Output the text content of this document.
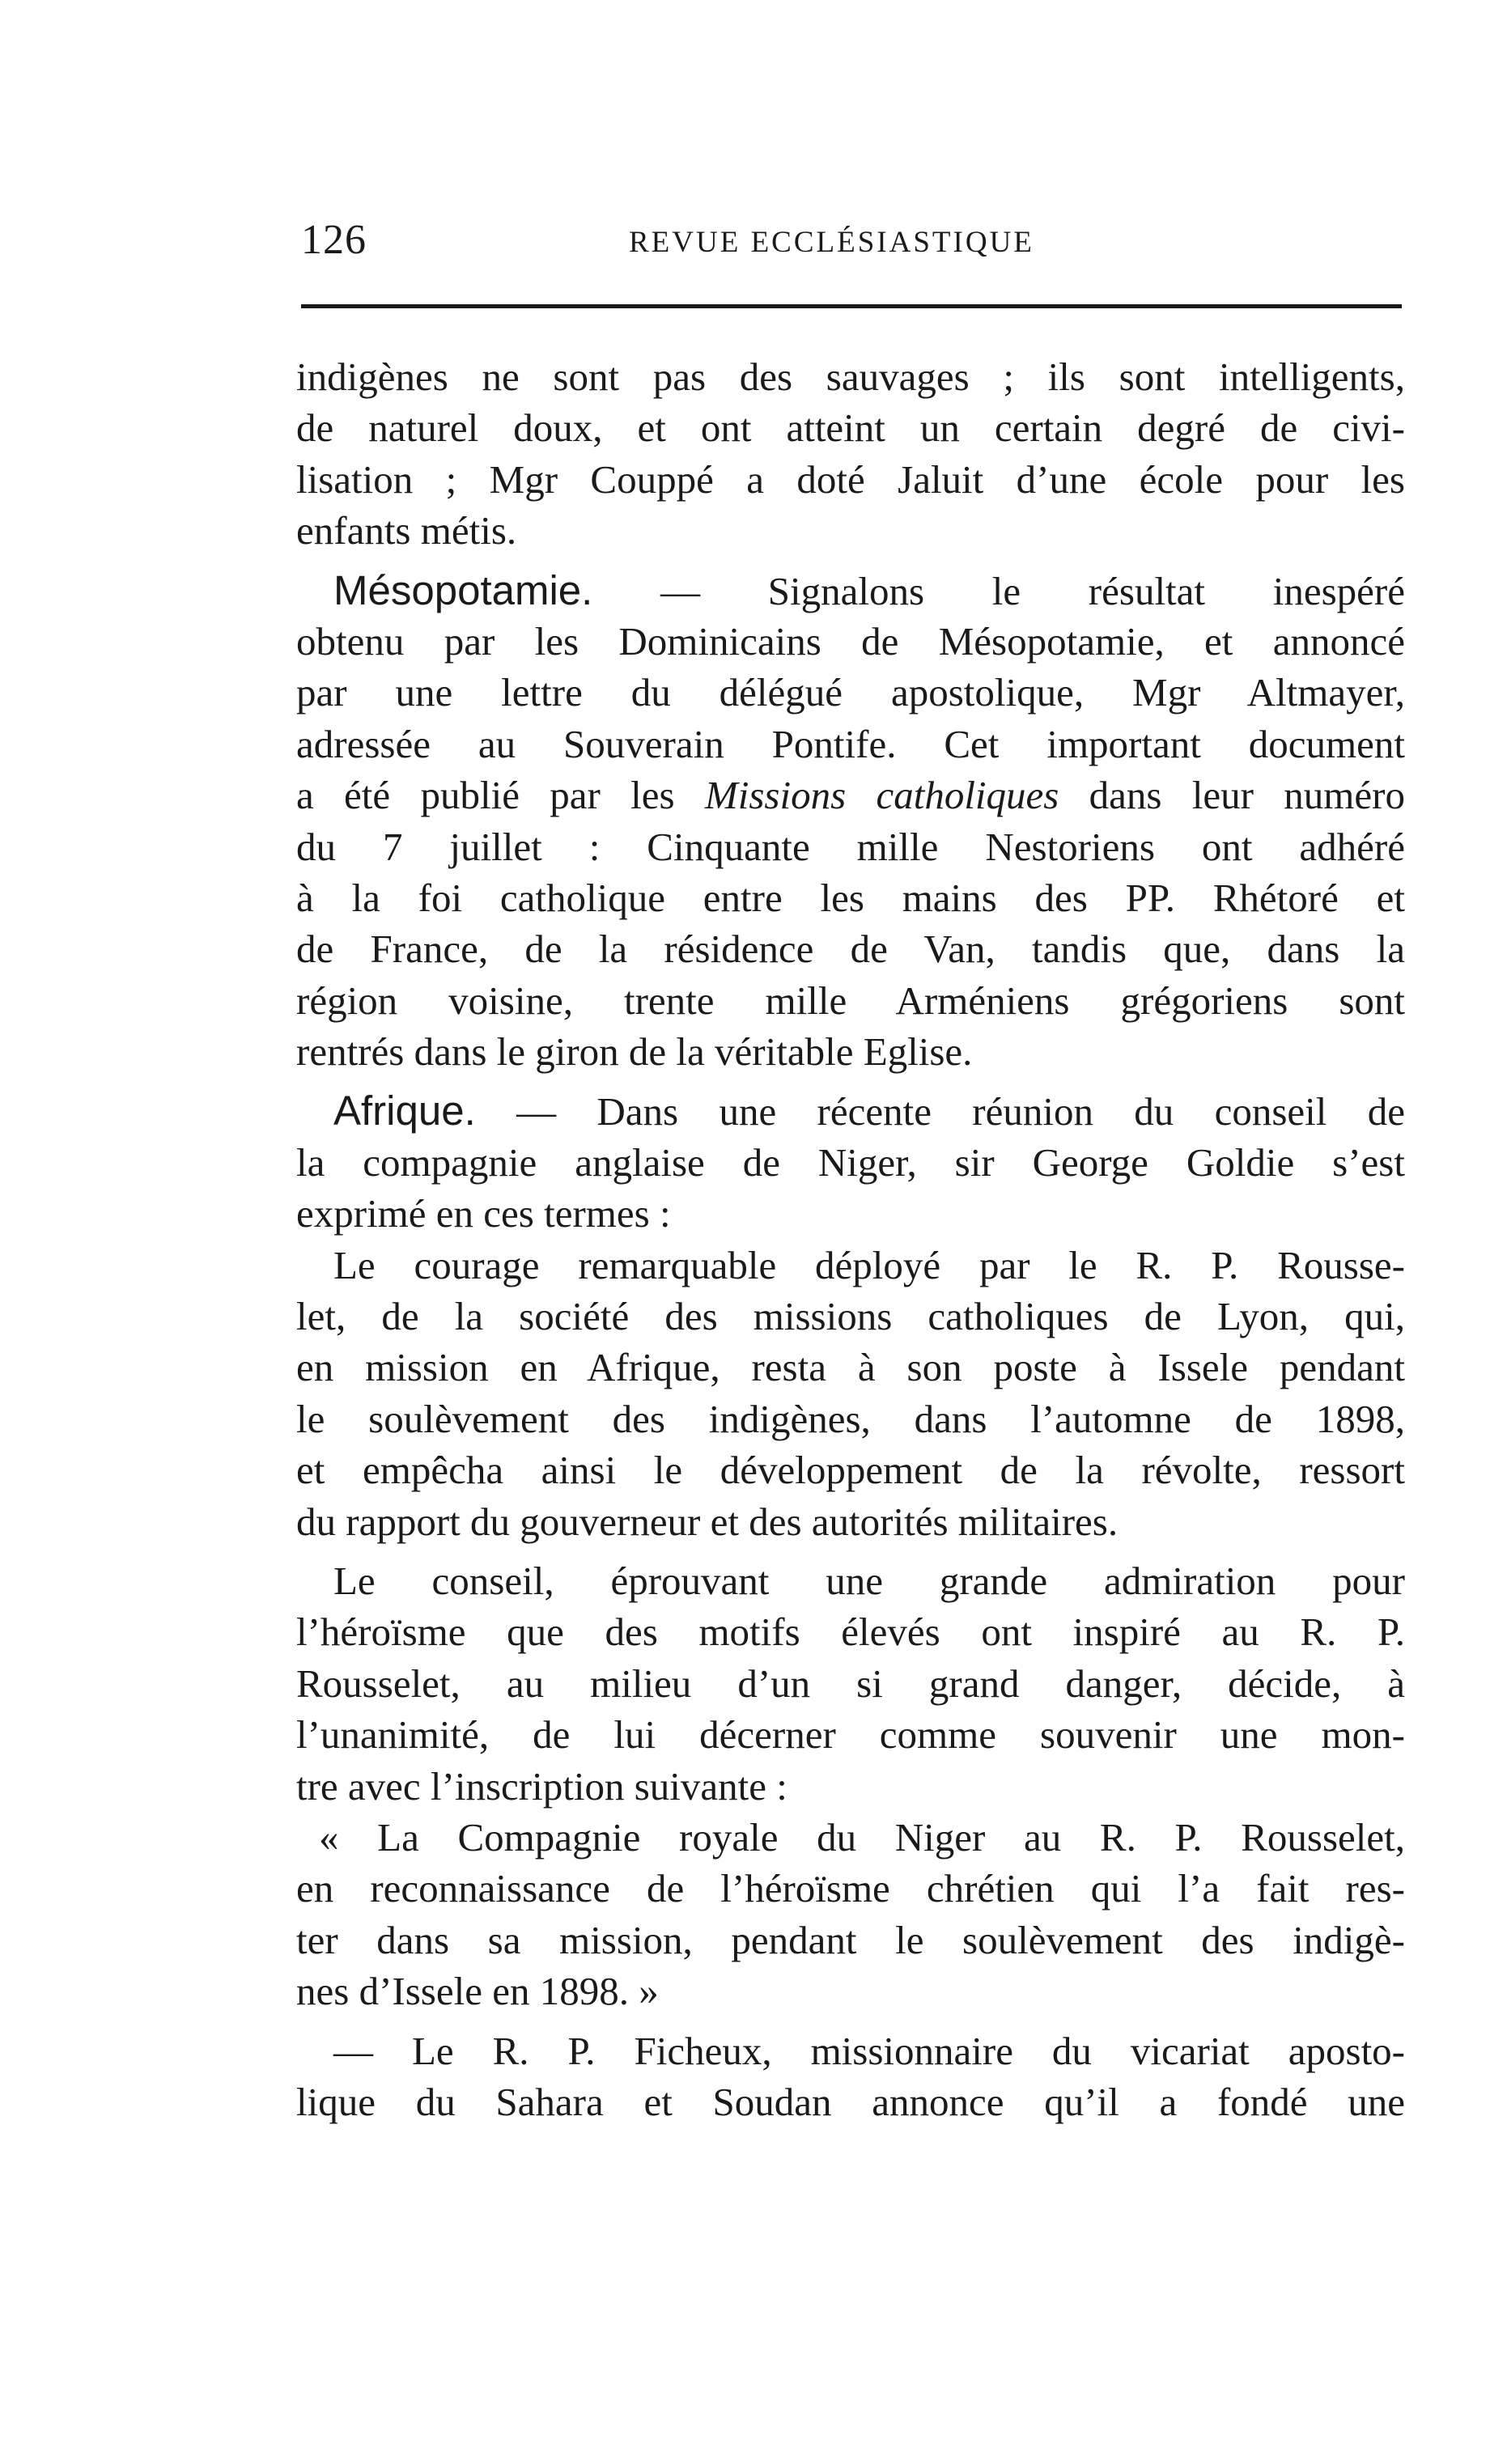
126	REVUE ECCLÉSIASTIQUE
indigènes ne sont pas des sauvages ; ils sont intelligents,
de naturel doux, et ont atteint un certain degré de civi-
lisation ; Mgr Couppé a doté Jaluit d’une école pour les
enfants métis.
Mésopotamie. — Signalons le résultat inespéré
obtenu par les Dominicains de Mésopotamie, et annoncé
par une lettre du délégué apostolique, Mgr Altmayer,
adressée au Souverain Pontife. Cet important document
a été publié par les Missions catholiques dans leur numéro
du 7 juillet : Cinquante mille Nestoriens ont adhéré
à la foi catholique entre les mains des PP. Rhétoré et
de France, de la résidence de Van, tandis que, dans la
région voisine, trente mille Arméniens grégoriens sont
rentrés dans le giron de la véritable Eglise.
Afrique. — Dans une récente réunion du conseil de
la compagnie anglaise de Niger, sir George Goldie s’est
exprimé en ces termes :
Le courage remarquable déployé par le R. P. Rousse-
let, de la société des missions catholiques de Lyon, qui,
en mission en Afrique, resta à son poste à Issele pendant
le soulèvement des indigènes, dans l’automne de 1898,
et empêcha ainsi le développement de la révolte, ressort
du rapport du gouverneur et des autorités militaires.
Le conseil, éprouvant une grande admiration pour
l’héroïsme que des motifs élevés ont inspiré au R. P.
Rousselet, au milieu d’un si grand danger, décide, à
l’unanimité, de lui décerner comme souvenir une mon-
tre avec l’inscription suivante :
« La Compagnie royale du Niger au R. P. Rousselet,
en reconnaissance de l’héroïsme chrétien qui l’a fait res-
ter dans sa mission, pendant le soulèvement des indigè-
nes d’Issele en 1898. »
— Le R. P. Ficheux, missionnaire du vicariat aposto-
lique du Sahara et Soudan annonce qu’il a fondé une
